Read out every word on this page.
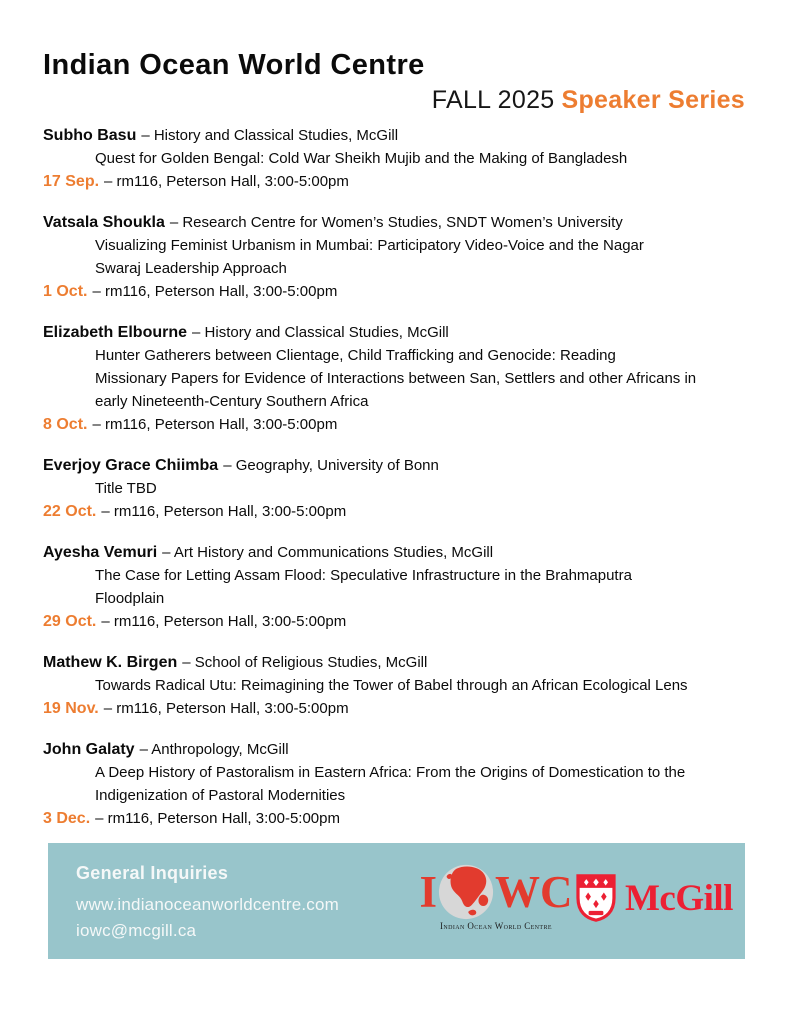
Indian Ocean World Centre
FALL 2025 Speaker Series
Subho Basu – History and Classical Studies, McGill
Quest for Golden Bengal: Cold War Sheikh Mujib and the Making of Bangladesh
17 Sep. – rm116, Peterson Hall, 3:00-5:00pm
Vatsala Shoukla – Research Centre for Women’s Studies, SNDT Women’s University
Visualizing Feminist Urbanism in Mumbai: Participatory Video-Voice and the Nagar
Swaraj Leadership Approach
1 Oct. – rm116, Peterson Hall, 3:00-5:00pm
Elizabeth Elbourne – History and Classical Studies, McGill
Hunter Gatherers between Clientage, Child Trafficking and Genocide: Reading
Missionary Papers for Evidence of Interactions between San, Settlers and other Africans in
early Nineteenth-Century Southern Africa
8 Oct. – rm116, Peterson Hall, 3:00-5:00pm
Everjoy Grace Chiimba – Geography, University of Bonn
Title TBD
22 Oct. – rm116, Peterson Hall, 3:00-5:00pm
Ayesha Vemuri – Art History and Communications Studies, McGill
The Case for Letting Assam Flood: Speculative Infrastructure in the Brahmaputra
Floodplain
29 Oct. – rm116, Peterson Hall, 3:00-5:00pm
Mathew K. Birgen – School of Religious Studies, McGill
Towards Radical Utu: Reimagining the Tower of Babel through an African Ecological Lens
19 Nov. – rm116, Peterson Hall, 3:00-5:00pm
John Galaty – Anthropology, McGill
A Deep History of Pastoralism in Eastern Africa: From the Origins of Domestication to the
Indigenization of Pastoral Modernities
3 Dec. – rm116, Peterson Hall, 3:00-5:00pm
General Inquiries
www.indianoceanworldcentre.com
iowc@mcgill.ca
I WC
Indian Ocean World Centre
McGill
